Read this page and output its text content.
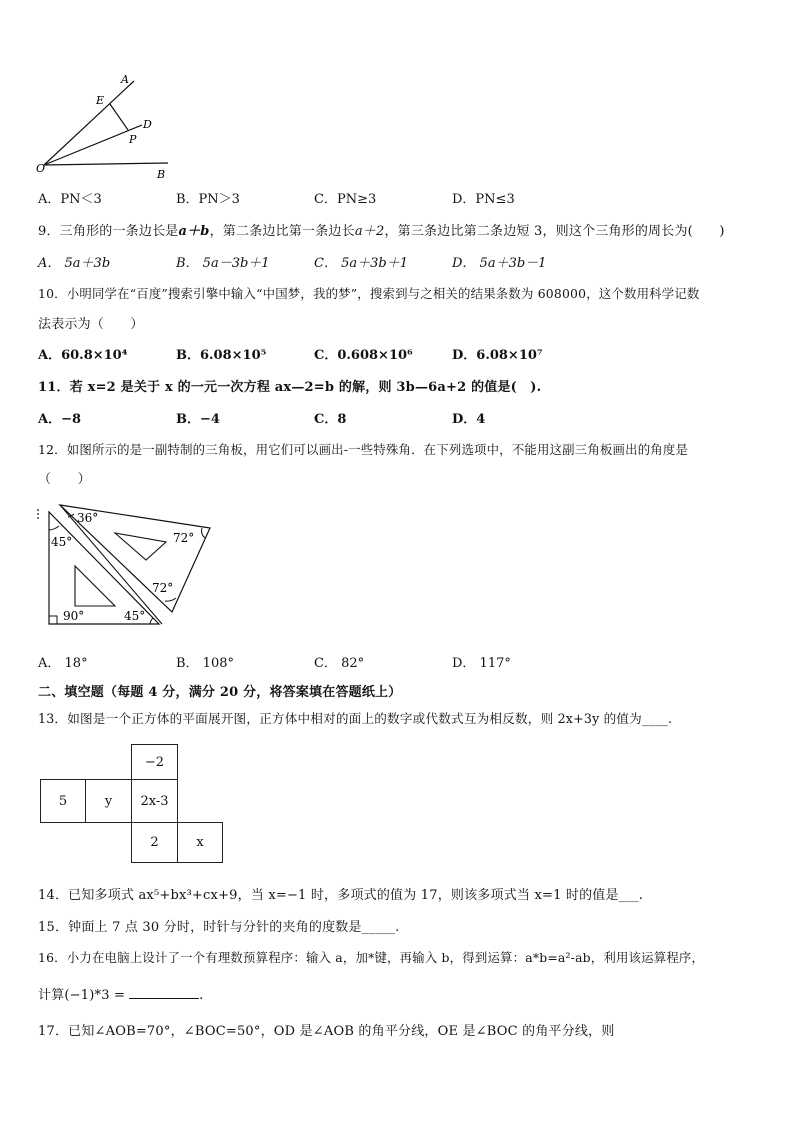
A
E
D
P
O	B
A．PN＜3	B．PN＞3	C．PN≥3	D．PN≤3
9．三角形的一条边长是a＋b，第二条边比第一条边长a＋2，第三条边比第二条边短 3，则这个三角形的周长为(　　)
A． 5a＋3b	B． 5a－3b＋1	C． 5a＋3b＋1	D． 5a＋3b－1
10．小明同学在“百度”搜索引擎中输入“中国梦，我的梦”，搜索到与之相关的结果条数为 608000，这个数用科学记数
法表示为（　　）
A．60.8×10⁴	B．6.08×10⁵	C．0.608×10⁶	D．6.08×10⁷
11．若 x=2 是关于 x 的一元一次方程 ax—2=b 的解，则 3b—6a+2 的值是(　).
A．−8	B．−4	C．8	D．4
12．如图所示的是一副特制的三角板，用它们可以画出-一些特殊角．在下列选项中，不能用这副三角板画出的角度是
（　　）
36°
45°	72°
72°
90°	45°
A． 18°	B． 108°	C． 82°	D． 117°
二、填空题（每题 4 分，满分 20 分，将答案填在答题纸上）
13．如图是一个正方体的平面展开图，正方体中相对的面上的数字或代数式互为相反数，则 2x+3y 的值为____.
−2
5	y	2x-3
2	x
14．已知多项式 ax⁵+bx³+cx+9，当 x=−1 时，多项式的值为 17，则该多项式当 x=1 时的值是___.
15．钟面上 7 点 30 分时，时针与分针的夹角的度数是_____.
16．小力在电脑上设计了一个有理数预算程序：输入 a，加*键，再输入 b，得到运算：a*b=a²-ab，利用该运算程序，
计算(−1)*3 =	.
17．已知∠AOB=70°，∠BOC=50°，OD 是∠AOB 的角平分线，OE 是∠BOC 的角平分线，则
